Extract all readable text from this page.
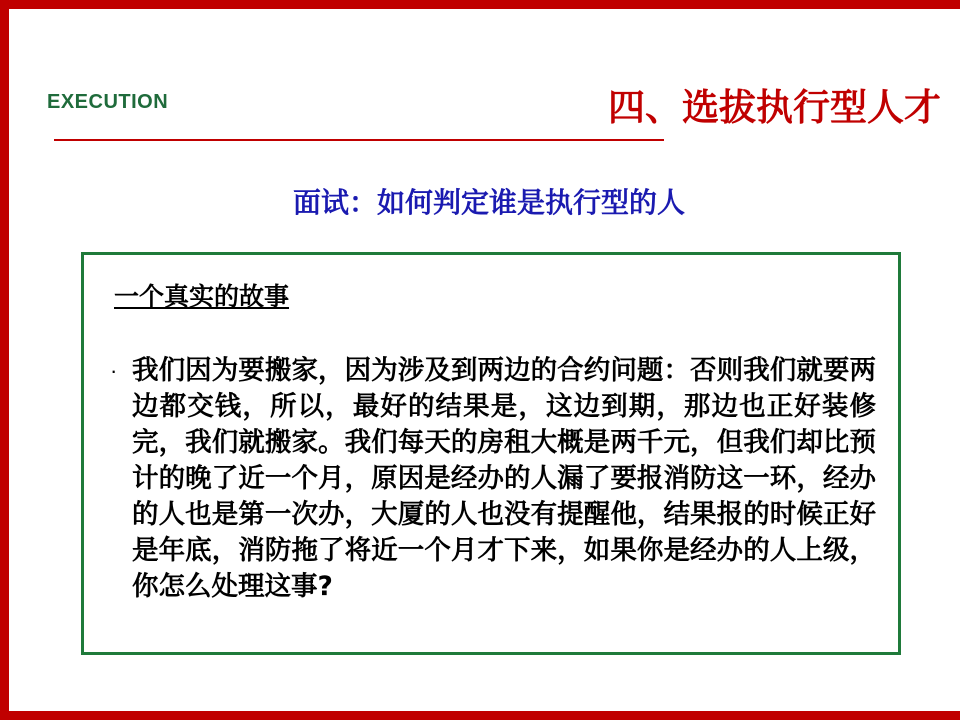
EXECUTION	四、选拔执行型人才
面试：如何判定谁是执行型的人
一个真实的故事
· 我们因为要搬家，因为涉及到两边的合约问题：否则我们就要两边都交钱，所以，最好的结果是，这边到期，那边也正好装修完，我们就搬家。我们每天的房租大概是两千元，但我们却比预计的晚了近一个月，原因是经办的人漏了要报消防这一环，经办的人也是第一次办，大厦的人也没有提醒他，结果报的时候正好是年底，消防拖了将近一个月才下来，如果你是经办的人上级，你怎么处理这事?
